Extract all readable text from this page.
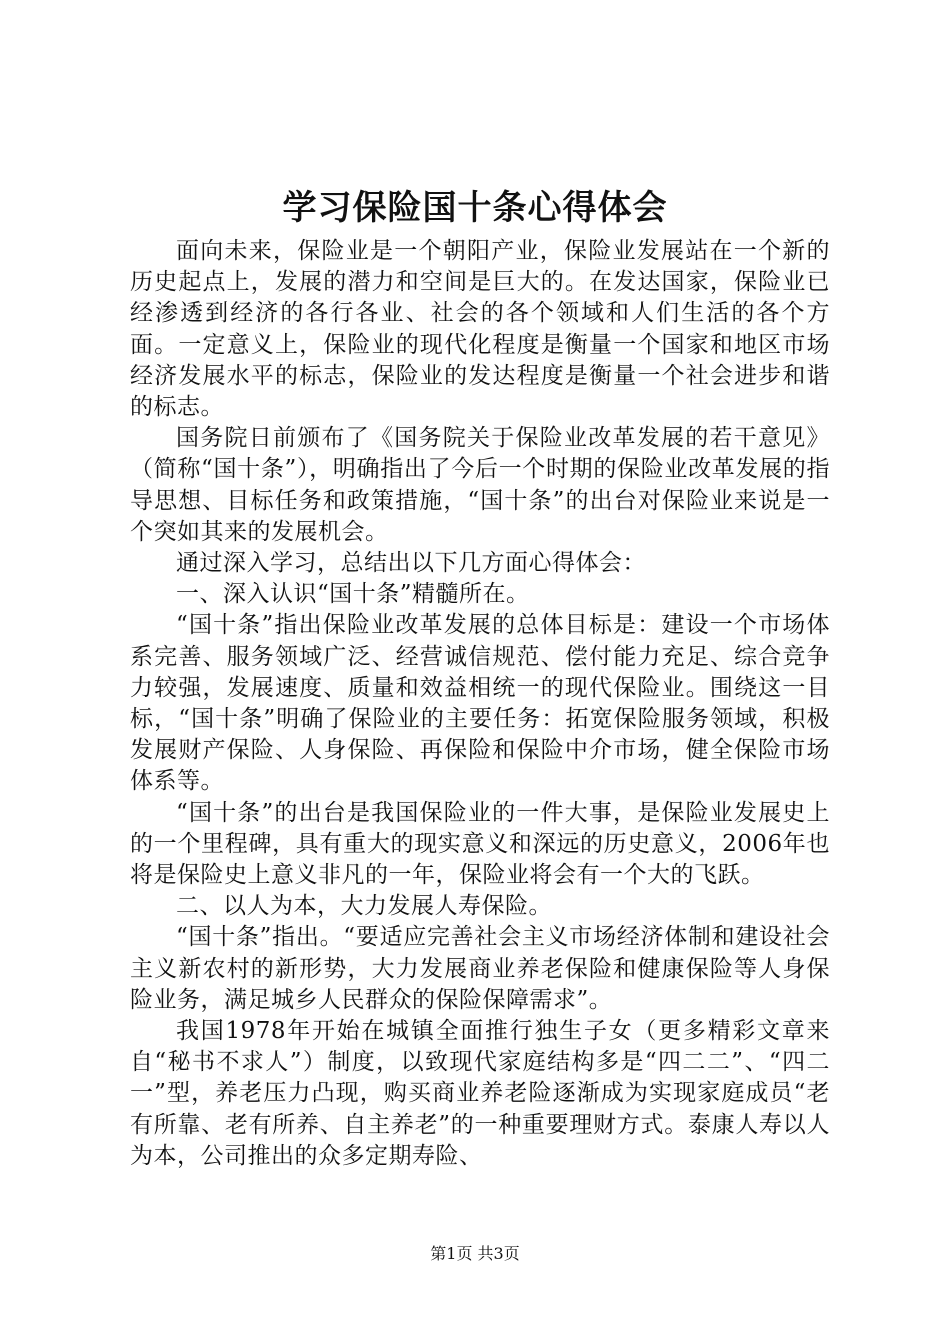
学习保险国十条心得体会

面向未来，保险业是一个朝阳产业，保险业发展站在一个新的历史起点上，发展的潜力和空间是巨大的。在发达国家，保险业已经渗透到经济的各行各业、社会的各个领域和人们生活的各个方面。一定意义上，保险业的现代化程度是衡量一个国家和地区市场经济发展水平的标志，保险业的发达程度是衡量一个社会进步和谐的标志。

国务院日前颁布了《国务院关于保险业改革发展的若干意见》（简称“国十条”），明确指出了今后一个时期的保险业改革发展的指导思想、目标任务和政策措施，“国十条”的出台对保险业来说是一个突如其来的发展机会。

通过深入学习，总结出以下几方面心得体会：

一、深入认识“国十条”精髓所在。

“国十条”指出保险业改革发展的总体目标是：建设一个市场体系完善、服务领域广泛、经营诚信规范、偿付能力充足、综合竞争力较强，发展速度、质量和效益相统一的现代保险业。围绕这一目标，“国十条”明确了保险业的主要任务：拓宽保险服务领域，积极发展财产保险、人身保险、再保险和保险中介市场，健全保险市场体系等。

“国十条”的出台是我国保险业的一件大事，是保险业发展史上的一个里程碑，具有重大的现实意义和深远的历史意义，2006年也将是保险史上意义非凡的一年，保险业将会有一个大的飞跃。

二、以人为本，大力发展人寿保险。

“国十条”指出。“要适应完善社会主义市场经济体制和建设社会主义新农村的新形势，大力发展商业养老保险和健康保险等人身保险业务，满足城乡人民群众的保险保障需求”。

我国1978年开始在城镇全面推行独生子女（更多精彩文章来自“秘书不求人”）制度，以致现代家庭结构多是“四二二”、“四二一”型，养老压力凸现，购买商业养老险逐渐成为实现家庭成员“老有所靠、老有所养、自主养老”的一种重要理财方式。泰康人寿以人为本，公司推出的众多定期寿险、

第1页 共3页
